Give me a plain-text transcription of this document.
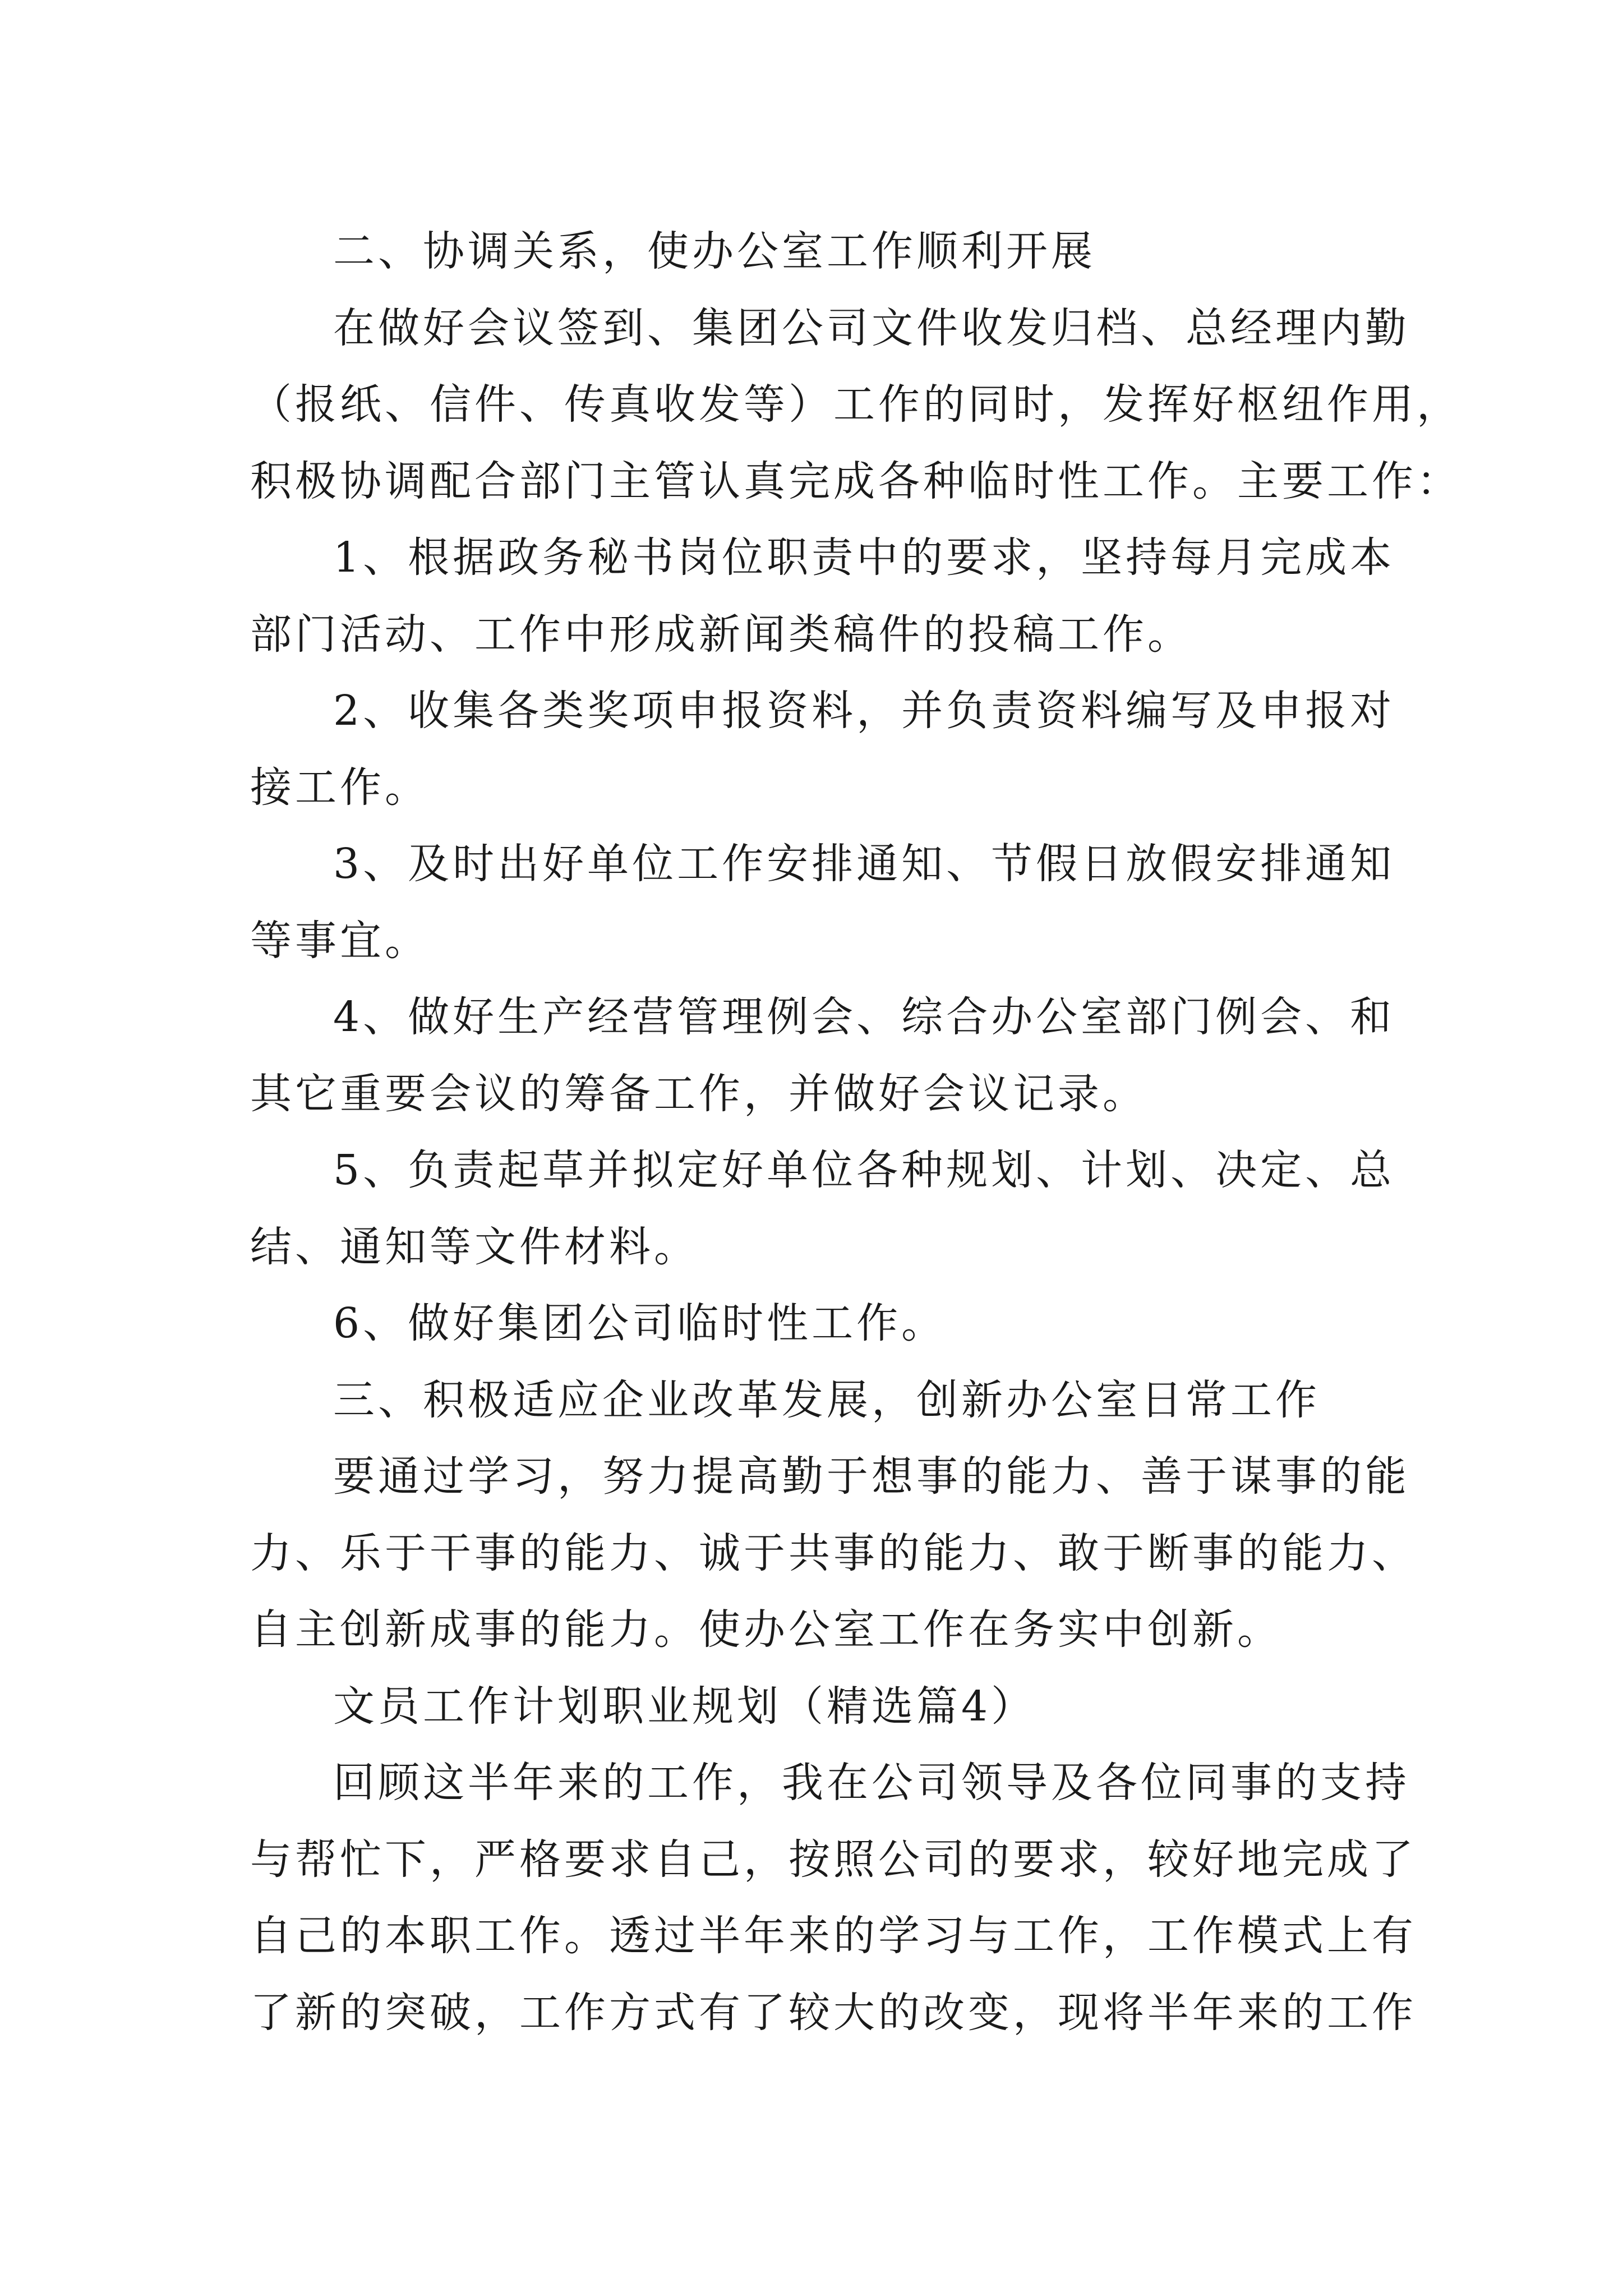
二、协调关系，使办公室工作顺利开展
在做好会议签到、集团公司文件收发归档、总经理内勤
（报纸、信件、传真收发等）工作的同时，发挥好枢纽作用，
积极协调配合部门主管认真完成各种临时性工作。主要工作：
1、根据政务秘书岗位职责中的要求，坚持每月完成本
部门活动、工作中形成新闻类稿件的投稿工作。
2、收集各类奖项申报资料，并负责资料编写及申报对
接工作。
3、及时出好单位工作安排通知、节假日放假安排通知
等事宜。
4、做好生产经营管理例会、综合办公室部门例会、和
其它重要会议的筹备工作，并做好会议记录。
5、负责起草并拟定好单位各种规划、计划、决定、总
结、通知等文件材料。
6、做好集团公司临时性工作。
三、积极适应企业改革发展，创新办公室日常工作
要通过学习，努力提高勤于想事的能力、善于谋事的能
力、乐于干事的能力、诚于共事的能力、敢于断事的能力、
自主创新成事的能力。使办公室工作在务实中创新。
文员工作计划职业规划（精选篇4）
回顾这半年来的工作，我在公司领导及各位同事的支持
与帮忙下，严格要求自己，按照公司的要求，较好地完成了
自己的本职工作。透过半年来的学习与工作，工作模式上有
了新的突破，工作方式有了较大的改变，现将半年来的工作
